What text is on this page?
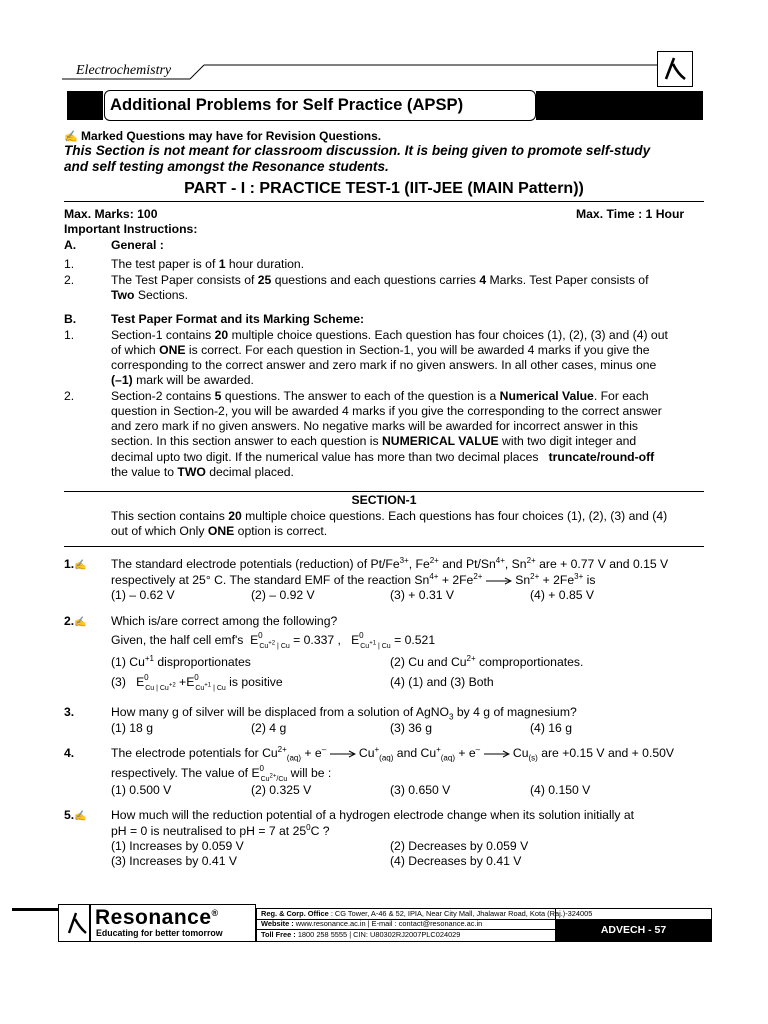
Electrochemistry
Additional Problems for Self Practice (APSP)
✍ Marked Questions may have for Revision Questions.
This Section is not meant for classroom discussion. It is being given to promote self-study
and self testing amongst the Resonance students.
PART - I : PRACTICE TEST-1 (IIT-JEE (MAIN Pattern))
Max. Marks: 100	Max. Time : 1 Hour
Important Instructions:
A.	General :
1.	The test paper is of 1 hour duration.
2.	The Test Paper consists of 25 questions and each questions carries 4 Marks. Test Paper consists of
Two Sections.
B.	Test Paper Format and its Marking Scheme:
1.	Section-1 contains 20 multiple choice questions. Each question has four choices (1), (2), (3) and (4) out
of which ONE is correct. For each question in Section-1, you will be awarded 4 marks if you give the
corresponding to the correct answer and zero mark if no given answers. In all other cases, minus one
(–1) mark will be awarded.
2.	Section-2 contains 5 questions. The answer to each of the question is a Numerical Value. For each
question in Section-2, you will be awarded 4 marks if you give the corresponding to the correct answer
and zero mark if no given answers. No negative marks will be awarded for incorrect answer in this
section. In this section answer to each question is NUMERICAL VALUE with two digit integer and
decimal upto two digit. If the numerical value has more than two decimal places   truncate/round-off
the value to TWO decimal placed.
SECTION-1
This section contains 20 multiple choice questions. Each questions has four choices (1), (2), (3) and (4)
out of which Only ONE option is correct.
1.✍ The standard electrode potentials (reduction) of $Pt/Fe^{3+}$, $Fe^{2+}$ and $Pt/Sn^{4+}$, $Sn^{2+}$ are + 0.77 V and 0.15 V
respectively at 25° C. The standard EMF of the reaction $Sn^{4+} + 2Fe^{2+}$  $Sn^{2+} + 2Fe^{3+}$ is
(1) – 0.62 V	(2) – 0.92 V	(3) + 0.31 V	(4) + 0.85 V
2.✍ Which is/are correct among the following?
Given, the half cell emf's E 0
$_{Cu^{+2} | Cu}$ = 0.337 , E 0
$_{Cu^{+1} | Cu}$ = 0.521
(1) $Cu^{+1}$ disproportionates	(2) Cu and $Cu^{2+}$ comproportionates.
(3) E 0
$_{Cu | Cu^{+2}}$ +E 0
$_{Cu^{+1} | Cu}$ is positive	(4) (1) and (3) Both
3.	How many g of silver will be displaced from a solution of AgNO$_3$ by 4 g of magnesium?
(1) 18 g	(2) 4 g	(3) 36 g	(4) 16 g
4.	The electrode potentials for $Cu^{2+}_{(aq)} + e^-$  $Cu^+_{(aq)}$ and $Cu^+_{(aq)} + e^-$  $Cu_{(s)}$ are +0.15 V and + 0.50V
respectively. The value of E 0
$_{Cu^{2+}/Cu}$ will be :
(1) 0.500 V	(2) 0.325 V	(3) 0.650 V	(4) 0.150 V
5.✍ How much will the reduction potential of a hydrogen electrode change when its solution initially at
pH = 0 is neutralised to pH = 7 at $25^0C$ ?
(1) Increases by 0.059 V	(2) Decreases by 0.059 V
(3) Increases by 0.41 V	(4) Decreases by 0.41 V
Resonance®
Educating for better tomorrow
Reg. & Corp. Office : CG Tower, A-46 & 52, IPIA, Near City Mall, Jhalawar Road, Kota (Raj.)-324005
Website : www.resonance.ac.in | E-mail : contact@resonance.ac.in
Toll Free : 1800 258 5555 | CIN: U80302RJ2007PLC024029	ADVECH - 57
